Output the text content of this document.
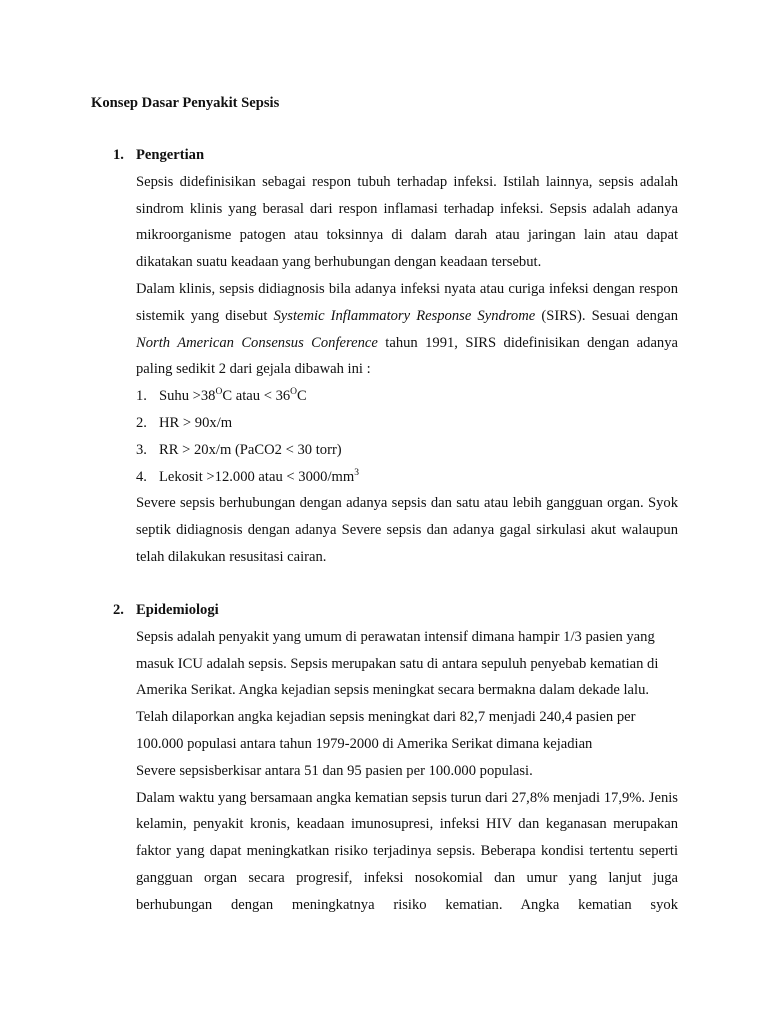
Konsep Dasar Penyakit Sepsis
1. Pengertian

Sepsis didefinisikan sebagai respon tubuh terhadap infeksi. Istilah lainnya, sepsis adalah sindrom klinis yang berasal dari respon inflamasi terhadap infeksi. Sepsis adalah adanya mikroorganisme patogen atau toksinnya di dalam darah atau jaringan lain atau dapat dikatakan suatu keadaan yang berhubungan dengan keadaan tersebut.

Dalam klinis, sepsis didiagnosis bila adanya infeksi nyata atau curiga infeksi dengan respon sistemik yang disebut Systemic Inflammatory Response Syndrome (SIRS). Sesuai dengan North American Consensus Conference tahun 1991, SIRS didefinisikan dengan adanya paling sedikit 2 dari gejala dibawah ini :

1. Suhu $>38^OC$ atau < $36^OC$
2. HR > 90x/m
3. RR > 20x/m (PaCO2 < 30 torr)
4. Lekosit >12.000 atau < $3000/mm^3$

Severe sepsis berhubungan dengan adanya sepsis dan satu atau lebih gangguan organ. Syok septik didiagnosis dengan adanya Severe sepsis dan adanya gagal sirkulasi akut walaupun telah dilakukan resusitasi cairan.

2. Epidemiologi

Sepsis adalah penyakit yang umum di perawatan intensif dimana hampir 1/3 pasien yang masuk ICU adalah sepsis. Sepsis merupakan satu di antara sepuluh penyebab kematian di Amerika Serikat. Angka kejadian sepsis meningkat secara bermakna dalam dekade lalu. Telah dilaporkan angka kejadian sepsis meningkat dari 82,7 menjadi 240,4 pasien per 100.000 populasi antara tahun 1979-2000 di Amerika Serikat dimana kejadian

Severe sepsisberkisar antara 51 dan 95 pasien per 100.000 populasi.

Dalam waktu yang bersamaan angka kematian sepsis turun dari 27,8% menjadi 17,9%. Jenis kelamin, penyakit kronis, keadaan imunosupresi, infeksi HIV dan keganasan merupakan faktor yang dapat meningkatkan risiko terjadinya sepsis. Beberapa kondisi tertentu seperti gangguan organ secara progresif, infeksi nosokomial dan umur yang lanjut juga berhubungan dengan meningkatnya risiko kematian. Angka kematian syok
